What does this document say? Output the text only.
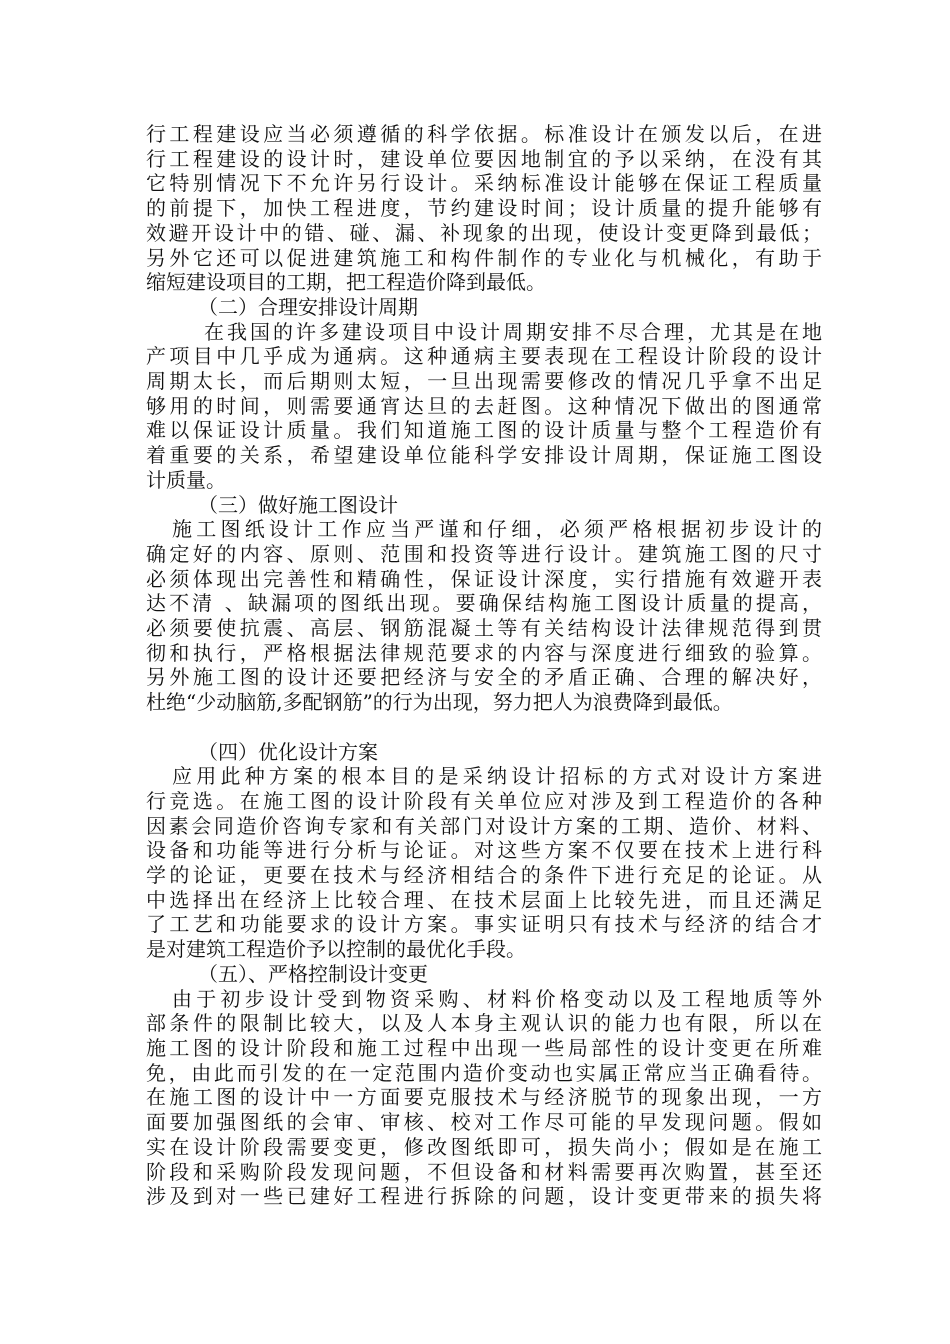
行工程建设应当必须遵循的科学依据。标准设计在颁发以后，在进
行工程建设的设计时，建设单位要因地制宜的予以采纳，在没有其
它特别情况下不允许另行设计。采纳标准设计能够在保证工程质量
的前提下，加快工程进度，节约建设时间；设计质量的提升能够有
效避开设计中的错、碰、漏、补现象的出现，使设计变更降到最低；
另外它还可以促进建筑施工和构件制作的专业化与机械化，有助于
缩短建设项目的工期，把工程造价降到最低。
（二）合理安排设计周期
在我国的许多建设项目中设计周期安排不尽合理，尤其是在地
产项目中几乎成为通病。这种通病主要表现在工程设计阶段的设计
周期太长，而后期则太短，一旦出现需要修改的情况几乎拿不出足
够用的时间，则需要通宵达旦的去赶图。这种情况下做出的图通常
难以保证设计质量。我们知道施工图的设计质量与整个工程造价有
着重要的关系，希望建设单位能科学安排设计周期，保证施工图设
计质量。
（三）做好施工图设计
施工图纸设计工作应当严谨和仔细，必须严格根据初步设计的
确定好的内容、原则、范围和投资等进行设计。建筑施工图的尺寸
必须体现出完善性和精确性，保证设计深度，实行措施有效避开表
达不清 、缺漏项的图纸出现。要确保结构施工图设计质量的提高，
必须要使抗震、高层、钢筋混凝土等有关结构设计法律规范得到贯
彻和执行，严格根据法律规范要求的内容与深度进行细致的验算。
另外施工图的设计还要把经济与安全的矛盾正确、合理的解决好，
杜绝“少动脑筋,多配钢筋”的行为出现，努力把人为浪费降到最低。
（四）优化设计方案
应用此种方案的根本目的是采纳设计招标的方式对设计方案进
行竞选。在施工图的设计阶段有关单位应对涉及到工程造价的各种
因素会同造价咨询专家和有关部门对设计方案的工期、造价、材料、
设备和功能等进行分析与论证。对这些方案不仅要在技术上进行科
学的论证，更要在技术与经济相结合的条件下进行充足的论证。从
中选择出在经济上比较合理、在技术层面上比较先进，而且还满足
了工艺和功能要求的设计方案。事实证明只有技术与经济的结合才
是对建筑工程造价予以控制的最优化手段。
（五）、严格控制设计变更
由于初步设计受到物资采购、材料价格变动以及工程地质等外
部条件的限制比较大，以及人本身主观认识的能力也有限，所以在
施工图的设计阶段和施工过程中出现一些局部性的设计变更在所难
免，由此而引发的在一定范围内造价变动也实属正常应当正确看待。
在施工图的设计中一方面要克服技术与经济脱节的现象出现，一方
面要加强图纸的会审、审核、校对工作尽可能的早发现问题。假如
实在设计阶段需要变更，修改图纸即可，损失尚小；假如是在施工
阶段和采购阶段发现问题，不但设备和材料需要再次购置，甚至还
涉及到对一些已建好工程进行拆除的问题，设计变更带来的损失将
